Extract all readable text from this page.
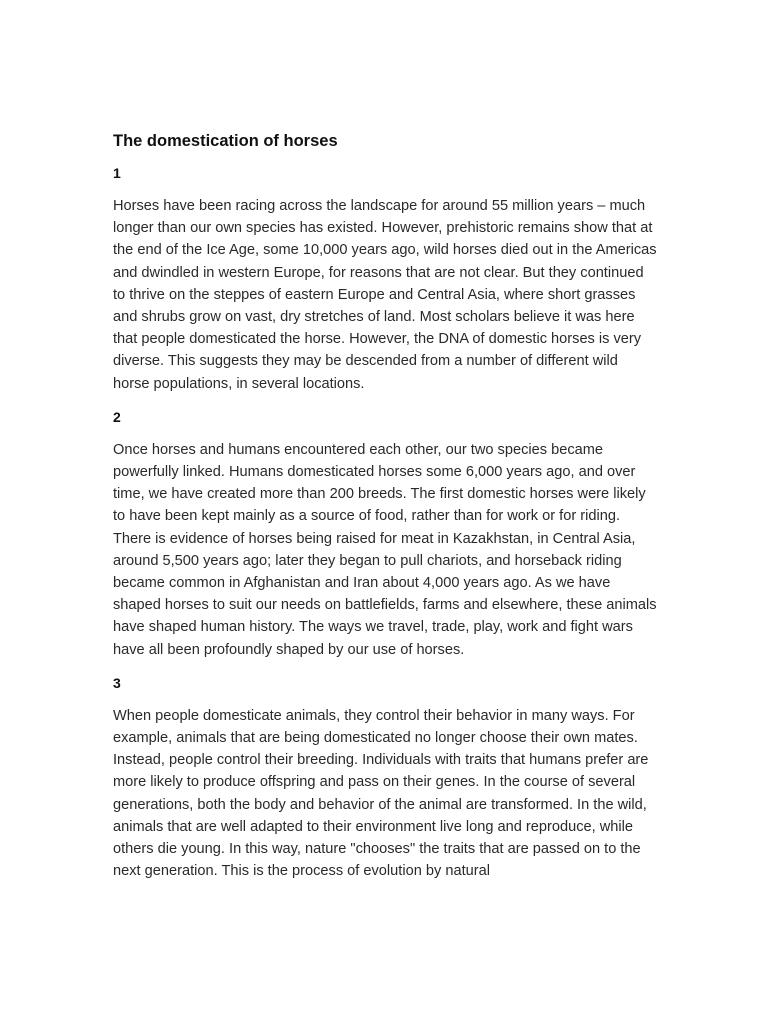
The domestication of horses

1

Horses have been racing across the landscape for around 55 million years – much longer than our own species has existed. However, prehistoric remains show that at the end of the Ice Age, some 10,000 years ago, wild horses died out in the Americas and dwindled in western Europe, for reasons that are not clear. But they continued to thrive on the steppes of eastern Europe and Central Asia, where short grasses and shrubs grow on vast, dry stretches of land. Most scholars believe it was here that people domesticated the horse. However, the DNA of domestic horses is very diverse. This suggests they may be descended from a number of different wild horse populations, in several locations.

2

Once horses and humans encountered each other, our two species became powerfully linked. Humans domesticated horses some 6,000 years ago, and over time, we have created more than 200 breeds. The first domestic horses were likely to have been kept mainly as a source of food, rather than for work or for riding. There is evidence of horses being raised for meat in Kazakhstan, in Central Asia, around 5,500 years ago; later they began to pull chariots, and horseback riding became common in Afghanistan and Iran about 4,000 years ago. As we have shaped horses to suit our needs on battlefields, farms and elsewhere, these animals have shaped human history. The ways we travel, trade, play, work and fight wars have all been profoundly shaped by our use of horses.

3

When people domesticate animals, they control their behavior in many ways. For example, animals that are being domesticated no longer choose their own mates. Instead, people control their breeding. Individuals with traits that humans prefer are more likely to produce offspring and pass on their genes. In the course of several generations, both the body and behavior of the animal are transformed. In the wild, animals that are well adapted to their environment live long and reproduce, while others die young. In this way, nature "chooses" the traits that are passed on to the next generation. This is the process of evolution by natural
